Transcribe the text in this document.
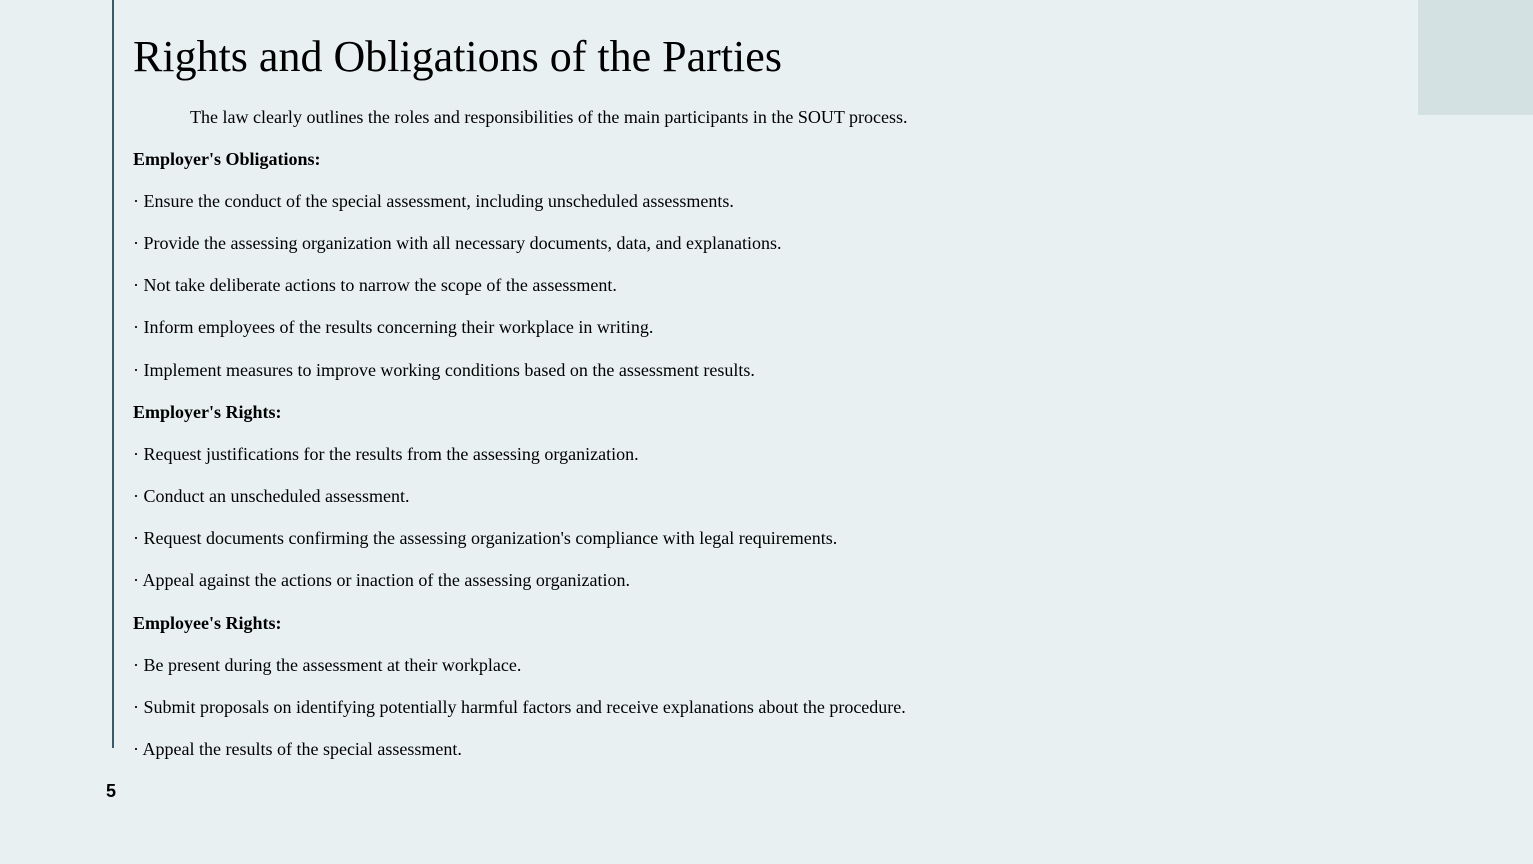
Rights and Obligations of the Parties
The law clearly outlines the roles and responsibilities of the main participants in the SOUT process.
Employer's Obligations:
· Ensure the conduct of the special assessment, including unscheduled assessments.
· Provide the assessing organization with all necessary documents, data, and explanations.
· Not take deliberate actions to narrow the scope of the assessment.
· Inform employees of the results concerning their workplace in writing.
· Implement measures to improve working conditions based on the assessment results.
Employer's Rights:
· Request justifications for the results from the assessing organization.
· Conduct an unscheduled assessment.
· Request documents confirming the assessing organization's compliance with legal requirements.
· Appeal against the actions or inaction of the assessing organization.
Employee's Rights:
· Be present during the assessment at their workplace.
· Submit proposals on identifying potentially harmful factors and receive explanations about the procedure.
· Appeal the results of the special assessment.
5
